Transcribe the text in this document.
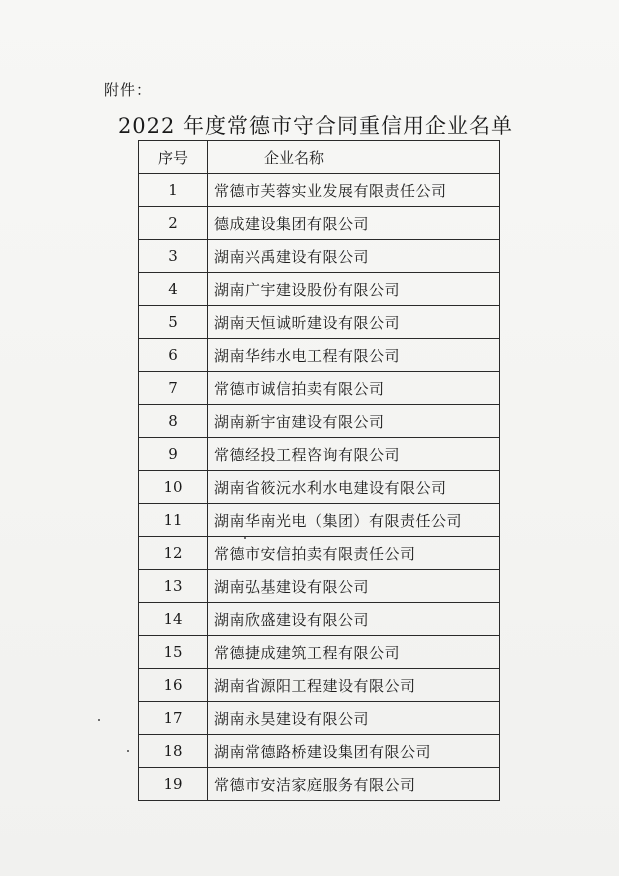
附件：
2022 年度常德市守合同重信用企业名单
序号	企业名称
1	常德市芙蓉实业发展有限责任公司
2	德成建设集团有限公司
3	湖南兴禹建设有限公司
4	湖南广宇建设股份有限公司
5	湖南天恒诚昕建设有限公司
6	湖南华纬水电工程有限公司
7	常德市诚信拍卖有限公司
8	湖南新宇宙建设有限公司
9	常德经投工程咨询有限公司
10	湖南省筱沅水利水电建设有限公司
11	湖南华南光电（集团）有限责任公司
12	常德市安信拍卖有限责任公司
13	湖南弘基建设有限公司
14	湖南欣盛建设有限公司
15	常德捷成建筑工程有限公司
16	湖南省源阳工程建设有限公司
17	湖南永昊建设有限公司
18	湖南常德路桥建设集团有限公司
19	常德市安洁家庭服务有限公司
